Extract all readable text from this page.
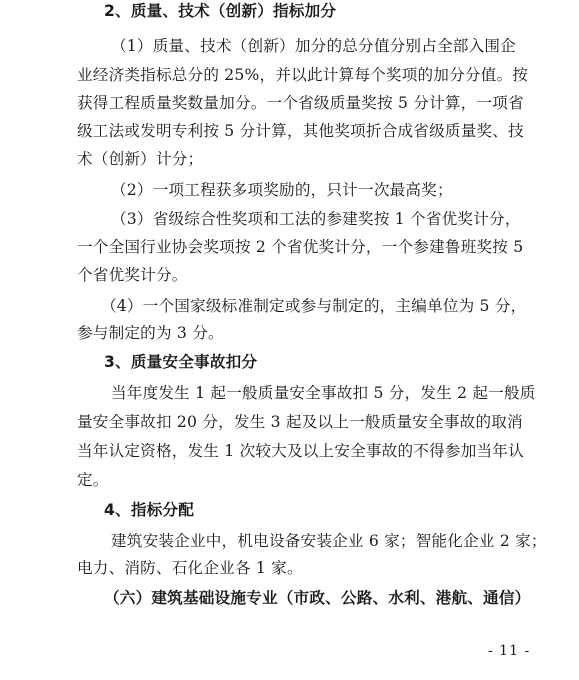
2、质量、技术（创新）指标加分
（1）质量、技术（创新）加分的总分值分别占全部入围企
业经济类指标总分的 25%，并以此计算每个奖项的加分分值。按
获得工程质量奖数量加分。一个省级质量奖按 5 分计算，一项省
级工法或发明专利按 5 分计算，其他奖项折合成省级质量奖、技
术（创新）计分；
（2）一项工程获多项奖励的，只计一次最高奖；
（3）省级综合性奖项和工法的参建奖按 1 个省优奖计分，
一个全国行业协会奖项按 2 个省优奖计分，一个参建鲁班奖按 5
个省优奖计分。
（4）一个国家级标准制定或参与制定的，主编单位为 5 分，
参与制定的为 3 分。
3、质量安全事故扣分
当年度发生 1 起一般质量安全事故扣 5 分，发生 2 起一般质
量安全事故扣 20 分，发生 3 起及以上一般质量安全事故的取消
当年认定资格，发生 1 次较大及以上安全事故的不得参加当年认
定。
4、指标分配
建筑安装企业中，机电设备安装企业 6 家；智能化企业 2 家；
电力、消防、石化企业各 1 家。
（六）建筑基础设施专业（市政、公路、水利、港航、通信）
- 11 -
